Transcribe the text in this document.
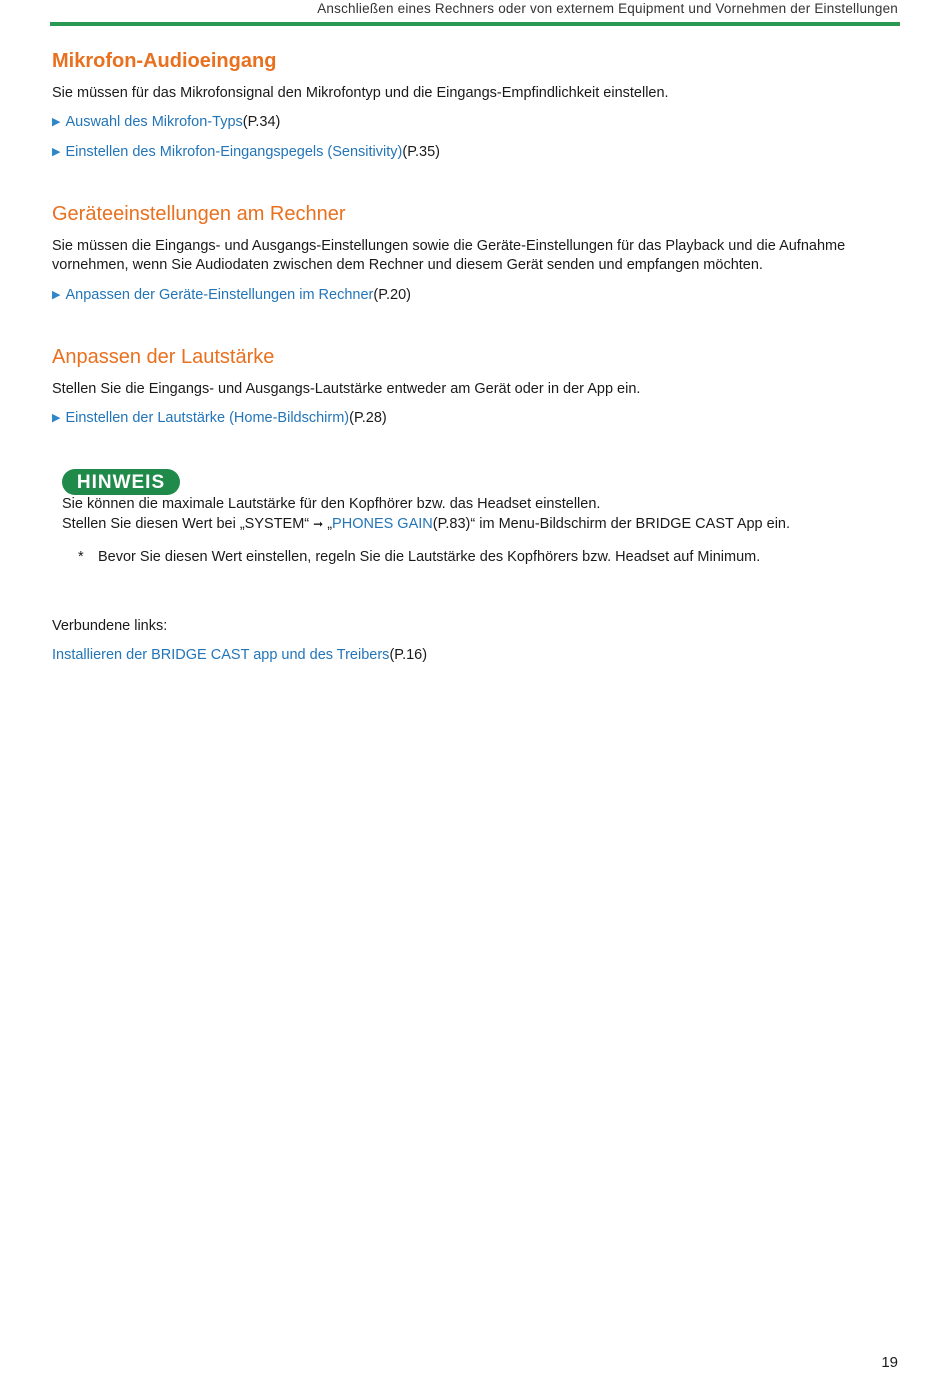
Anschließen eines Rechners oder von externem Equipment und Vornehmen der Einstellungen
Mikrofon-Audioeingang

Sie müssen für das Mikrofonsignal den Mikrofontyp und die Eingangs-Empfindlichkeit einstellen.

▶ Auswahl des Mikrofon-Typs(P.34)
▶ Einstellen des Mikrofon-Eingangspegels (Sensitivity)(P.35)
Geräteeinstellungen am Rechner

Sie müssen die Eingangs- und Ausgangs-Einstellungen sowie die Geräte-Einstellungen für das Playback und die Aufnahme vornehmen, wenn Sie Audiodaten zwischen dem Rechner und diesem Gerät senden und empfangen möchten.

▶ Anpassen der Geräte-Einstellungen im Rechner(P.20)
Anpassen der Lautstärke

Stellen Sie die Eingangs- und Ausgangs-Lautstärke entweder am Gerät oder in der App ein.

▶ Einstellen der Lautstärke (Home-Bildschirm)(P.28)
HINWEIS
Sie können die maximale Lautstärke für den Kopfhörer bzw. das Headset einstellen.
Stellen Sie diesen Wert bei „SYSTEM“ ➞ „PHONES GAIN(P.83)“ im Menu-Bildschirm der BRIDGE CAST App ein.
* Bevor Sie diesen Wert einstellen, regeln Sie die Lautstärke des Kopfhörers bzw. Headset auf Minimum.
Verbundene links:
Installieren der BRIDGE CAST app und des Treibers(P.16)
19
